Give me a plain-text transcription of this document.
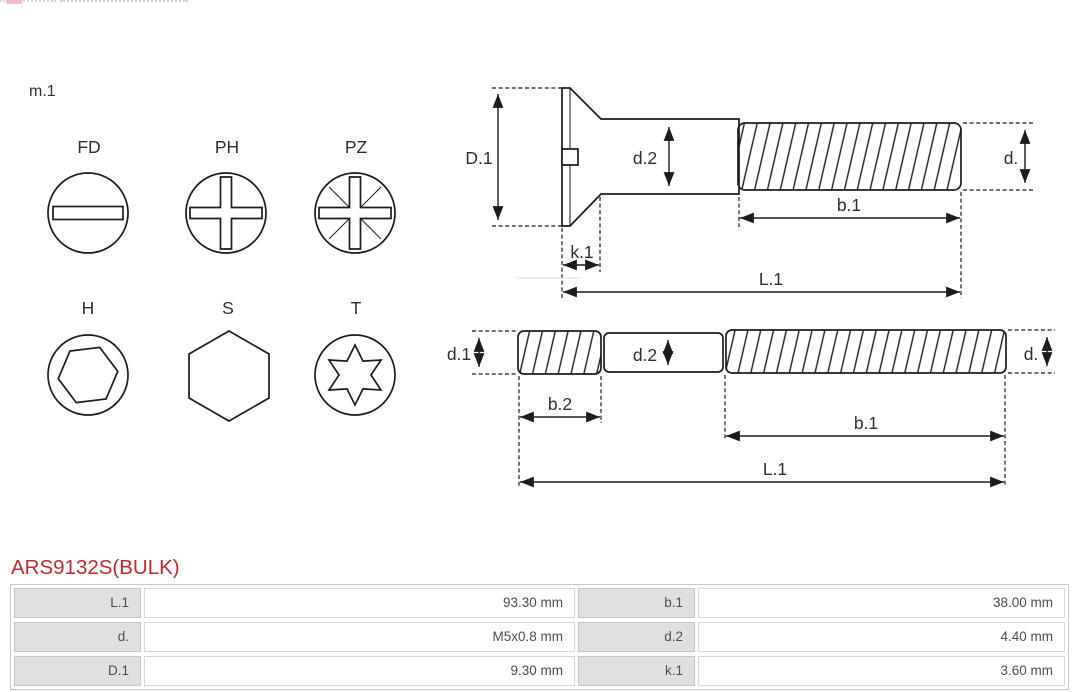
m.1
FD	PH	PZ
H	S	T
D.1	d.2	d.
b.1
k.1
L.1
d.1	d.2	d.
b.2
b.1
L.1
ARS9132S(BULK)
L.1	93.30 mm	b.1	38.00 mm
d.	M5x0.8 mm	d.2	4.40 mm
D.1	9.30 mm	k.1	3.60 mm
